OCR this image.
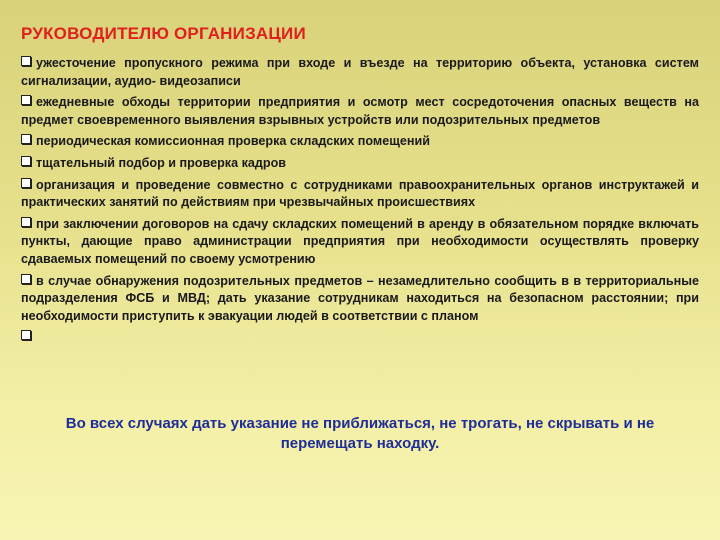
РУКОВОДИТЕЛЮ ОРГАНИЗАЦИИ
ужесточение пропускного режима при входе и въезде на территорию объекта, установка систем сигнализации, аудио- видеозаписи
ежедневные обходы территории предприятия и осмотр мест сосредоточения опасных веществ на предмет своевременного выявления взрывных устройств или подозрительных предметов
периодическая комиссионная проверка складских помещений
тщательный подбор и проверка кадров
организация и проведение совместно с сотрудниками правоохранительных органов инструктажей и практических занятий по действиям при чрезвычайных происшествиях
при заключении договоров на сдачу складских помещений в аренду в обязательном порядке включать пункты, дающие право администрации предприятия при необходимости осуществлять проверку сдаваемых помещений по своему усмотрению
в случае обнаружения подозрительных предметов – незамедлительно сообщить в в территориальные подразделения ФСБ и МВД; дать указание сотрудникам находиться на безопасном расстоянии; при необходимости приступить к эвакуации людей в соответствии с планом
Во всех случаях дать указание не приближаться, не трогать, не скрывать и не перемещать находку.
